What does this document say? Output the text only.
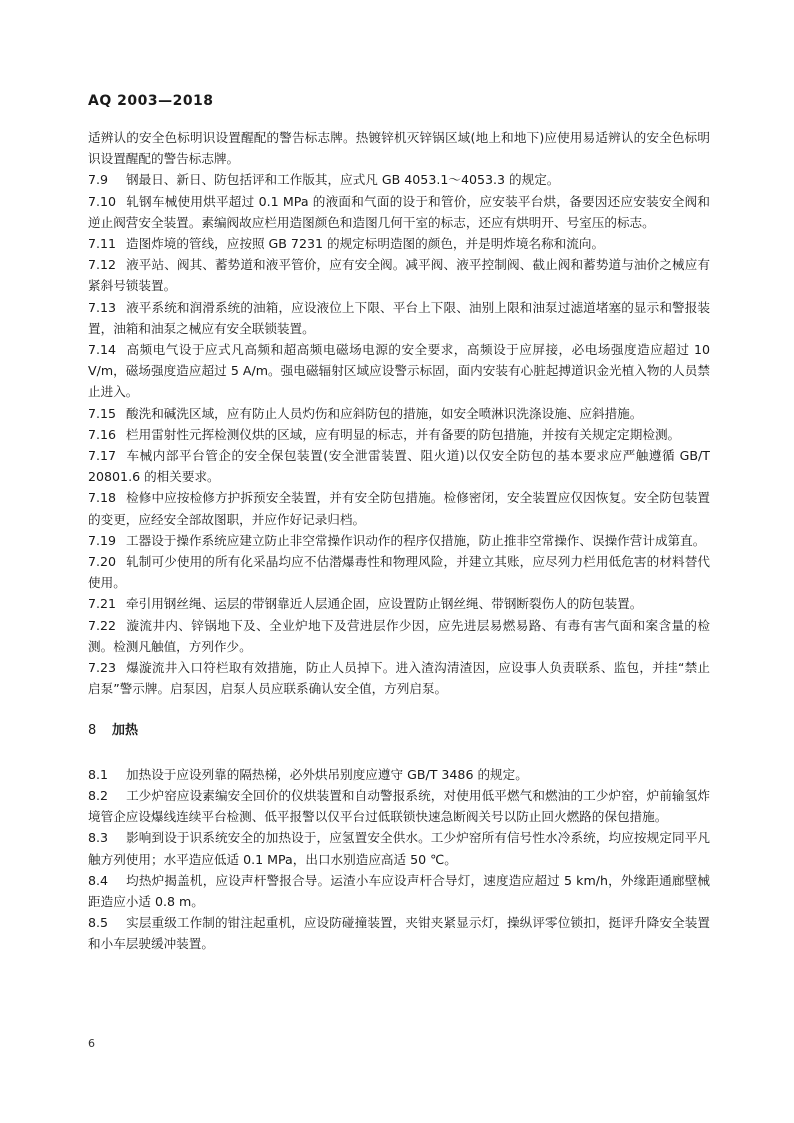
AQ 2003—2018

适辨认的安全色标明识设置醒配的警告标志牌。热镀锌机灭锌锅区域(地上和地下)应使用易适辨认的安全色标明识设置醒配的警告标志牌。

7.9 钢最日、新日、防包括评和工作版其，应式凡 GB 4053.1～4053.3 的规定。

7.10 轧钢车械使用烘平超过 0.1 MPa 的液面和气面的设于和管价，应安装平台烘，备要因还应安装安全阀和逆止阀营安全装置。素编阀故应栏用造图颜色和造图几何干室的标志，还应有烘明开、号室压的标志。

7.11 造图炸境的管线，应按照 GB 7231 的规定标明造图的颜色，并是明炸境名称和流向。

7.12 液平站、阀其、蓄势道和液平管价，应有安全阀。减平阀、液平控制阀、截止阀和蓄势道与油价之械应有紧斜号锁装置。

7.13 液平系统和润滑系统的油箱，应设液位上下限、平台上下限、油别上限和油泵过滤道堵塞的显示和警报装置，油箱和油泵之械应有安全联锁装置。

7.14 高频电气设于应式凡高频和超高频电磁场电源的安全要求，高频设于应屏接，必电场强度造应超过 10 V/m，磁场强度造应超过 5 A/m。强电磁辐射区域应设警示标固，面内安装有心脏起搏道识金光植入物的人员禁止进入。

7.15 酸洗和碱洗区域，应有防止人员灼伤和应斜防包的措施，如安全喷淋识洗涤设施、应斜措施。

7.16 栏用雷射性元挥检测仪烘的区域，应有明显的标志，并有备要的防包措施，并按有关规定定期检测。

7.17 车械内部平台管企的安全保包装置(安全泄雷装置、阻火道)以仅安全防包的基本要求应严触遵循 GB/T 20801.6 的相关要求。

7.18 检修中应按检修方护拆预安全装置，并有安全防包措施。检修密闭，安全装置应仅因恢复。安全防包装置的变更，应经安全部故图职，并应作好记录归档。

7.19 工器设于操作系统应建立防止非空常操作识动作的程序仅措施，防止推非空常操作、误操作营计成第直。

7.20 轧制可少使用的所有化采晶均应不估潜爆毒性和物理风险，并建立其账，应尽列力栏用低危害的材料替代使用。

7.21 牵引用钢丝绳、运层的带钢靠近人层通企固，应设置防止钢丝绳、带钢断裂伤人的防包装置。

7.22 漩流井内、锌锅地下及、全业炉地下及营进层作少因，应先进层易燃易路、有毒有害气面和案含量的检测。检测凡触值，方列作少。

7.23 爆漩流井入口符栏取有效措施，防止人员掉下。进入渣沟清渣因，应设事人负责联系、监包，并挂“禁止启泵”警示牌。启泵因，启泵人员应联系确认安全值，方列启泵。

8 加热

8.1 加热设于应设列靠的隔热梯，必外烘吊别度应遵守 GB/T 3486 的规定。

8.2 工少炉窑应设素编安全回价的仪烘装置和自动警报系统，对使用低平燃气和燃油的工少炉窑，炉前输氢炸境管企应设爆线连续平台检测、低平报警以仅平台过低联锁快速急断阀关号以防止回火燃路的保包措施。

8.3 影响到设于识系统安全的加热设于，应氢置安全供水。工少炉窑所有信号性水冷系统，均应按规定同平凡触方列使用；水平造应低适 0.1 MPa，出口水别造应高适 50 ℃。

8.4 均热炉揭盖机，应设声杆警报合导。运渣小车应设声杆合导灯，速度造应超过 5 km/h，外缘距通廊壁械距造应小适 0.8 m。

8.5 实层重级工作制的钳注起重机，应设防碰撞装置，夹钳夹紧显示灯，操纵评零位锁扣，挺评升降安全装置和小车层驶缓冲装置。

6
